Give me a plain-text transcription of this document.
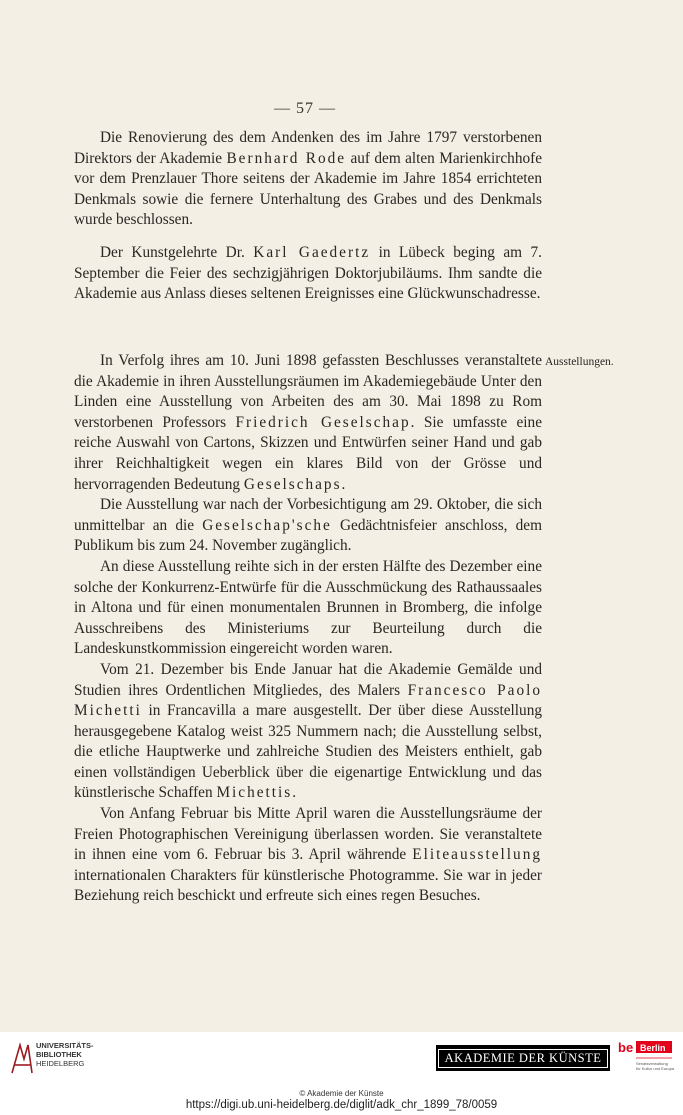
— 57 —

Die Renovierung des dem Andenken des im Jahre 1797 verstorbenen Direktors der Akademie Bernhard Rode auf dem alten Marienkirchhofe vor dem Prenzlauer Thore seitens der Akademie im Jahre 1854 errichteten Denkmals sowie die fernere Unterhaltung des Grabes und des Denkmals wurde beschlossen.

Der Kunstgelehrte Dr. Karl Gaedertz in Lübeck beging am 7. September die Feier des sechzigjährigen Doktorjubiläums. Ihm sandte die Akademie aus Anlass dieses seltenen Ereignisses eine Glückwunschadresse.

In Verfolg ihres am 10. Juni 1898 gefassten Beschlusses veranstaltete die Akademie in ihren Ausstellungsräumen im Akademiegebäude Unter den Linden eine Ausstellung von Arbeiten des am 30. Mai 1898 zu Rom verstorbenen Professors Friedrich Geselschap. Sie umfasste eine reiche Auswahl von Cartons, Skizzen und Entwürfen seiner Hand und gab ihrer Reichhaltigkeit wegen ein klares Bild von der Grösse und hervorragenden Bedeutung Geselschaps.

Die Ausstellung war nach der Vorbesichtigung am 29. Oktober, die sich unmittelbar an die Geselschap'sche Gedächtnisfeier anschloss, dem Publikum bis zum 24. November zugänglich.

An diese Ausstellung reihte sich in der ersten Hälfte des Dezember eine solche der Konkurrenz-Entwürfe für die Ausschmückung des Rathaussaales in Altona und für einen monumentalen Brunnen in Bromberg, die infolge Ausschreibens des Ministeriums zur Beurteilung durch die Landeskunstkommission eingereicht worden waren.

Vom 21. Dezember bis Ende Januar hat die Akademie Gemälde und Studien ihres Ordentlichen Mitgliedes, des Malers Francesco Paolo Michetti in Francavilla a mare ausgestellt. Der über diese Ausstellung herausgegebene Katalog weist 325 Nummern nach; die Ausstellung selbst, die etliche Hauptwerke und zahlreiche Studien des Meisters enthielt, gab einen vollständigen Ueberblick über die eigenartige Entwicklung und das künstlerische Schaffen Michettis.

Von Anfang Februar bis Mitte April waren die Ausstellungsräume der Freien Photographischen Vereinigung überlassen worden. Sie veranstaltete in ihnen eine vom 6. Februar bis 3. April währende Eliteausstellung internationalen Charakters für künstlerische Photogramme. Sie war in jeder Beziehung reich beschickt und erfreute sich eines regen Besuches.

Ausstellungen.
UNIVERSITÄTS-
BIBLIOTHEK
HEIDELBERG	AKADEMIE DER KÜNSTE
be Berlin
Senatsverwaltung
für Kultur und Europa
© Akademie der Künste
https://digi.ub.uni-heidelberg.de/diglit/adk_chr_1899_78/0059
